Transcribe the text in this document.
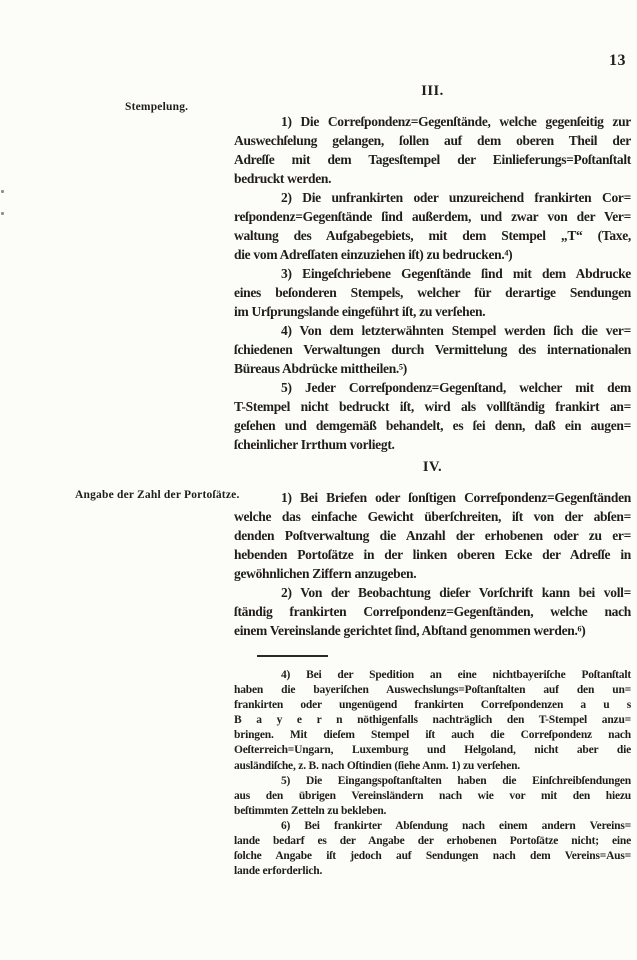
13
Stempelung.
Angabe der Zahl der Portoſätze.
III.
1) Die Correſpondenz=Gegenſtände, welche gegenſeitig zur
Auswechſelung gelangen, ſollen auf dem oberen Theil der
Adreſſe mit dem Tagesſtempel der Einlieferungs=Poſtanſtalt
bedruckt werden.
2) Die unfrankirten oder unzureichend frankirten Cor=
reſpondenz=Gegenſtände ſind außerdem, und zwar von der Ver=
waltung des Aufgabegebiets, mit dem Stempel „T“ (Taxe,
die vom Adreſſaten einzuziehen iſt) zu bedrucken.⁴)
3) Eingeſchriebene Gegenſtände ſind mit dem Abdrucke
eines beſonderen Stempels, welcher für derartige Sendungen
im Urſprungslande eingeführt iſt, zu verſehen.
4) Von dem letzterwähnten Stempel werden ſich die ver=
ſchiedenen Verwaltungen durch Vermittelung des internationalen
Büreaus Abdrücke mittheilen.⁵)
5) Jeder Correſpondenz=Gegenſtand, welcher mit dem
T-Stempel nicht bedruckt iſt, wird als vollſtändig frankirt an=
geſehen und demgemäß behandelt, es ſei denn, daß ein augen=
ſcheinlicher Irrthum vorliegt.
IV.
1) Bei Briefen oder ſonſtigen Correſpondenz=Gegenſtänden
welche das einfache Gewicht überſchreiten, iſt von der abſen=
denden Poſtverwaltung die Anzahl der erhobenen oder zu er=
hebenden Portoſätze in der linken oberen Ecke der Adreſſe in
gewöhnlichen Ziffern anzugeben.
2) Von der Beobachtung dieſer Vorſchrift kann bei voll=
ſtändig frankirten Correſpondenz=Gegenſtänden, welche nach
einem Vereinslande gerichtet ſind, Abſtand genommen werden.⁶)
4) Bei der Spedition an eine nichtbayeriſche Poſtanſtalt
haben die bayeriſchen Auswechslungs=Poſtanſtalten auf den un=
frankirten oder ungenügend frankirten Correſpondenzen a u s
B a y e r n nöthigenfalls nachträglich den T-Stempel anzu=
bringen. Mit dieſem Stempel iſt auch die Correſpondenz nach
Oeſterreich=Ungarn, Luxemburg und Helgoland, nicht aber die
ausländiſche, z. B. nach Oſtindien (ſiehe Anm. 1) zu verſehen.
5) Die Eingangspoſtanſtalten haben die Einſchreibſendungen
aus den übrigen Vereinsländern nach wie vor mit den hiezu
beſtimmten Zetteln zu bekleben.
6) Bei frankirter Abſendung nach einem andern Vereins=
lande bedarf es der Angabe der erhobenen Portoſätze nicht; eine
ſolche Angabe iſt jedoch auf Sendungen nach dem Vereins=Aus=
lande erforderlich.
